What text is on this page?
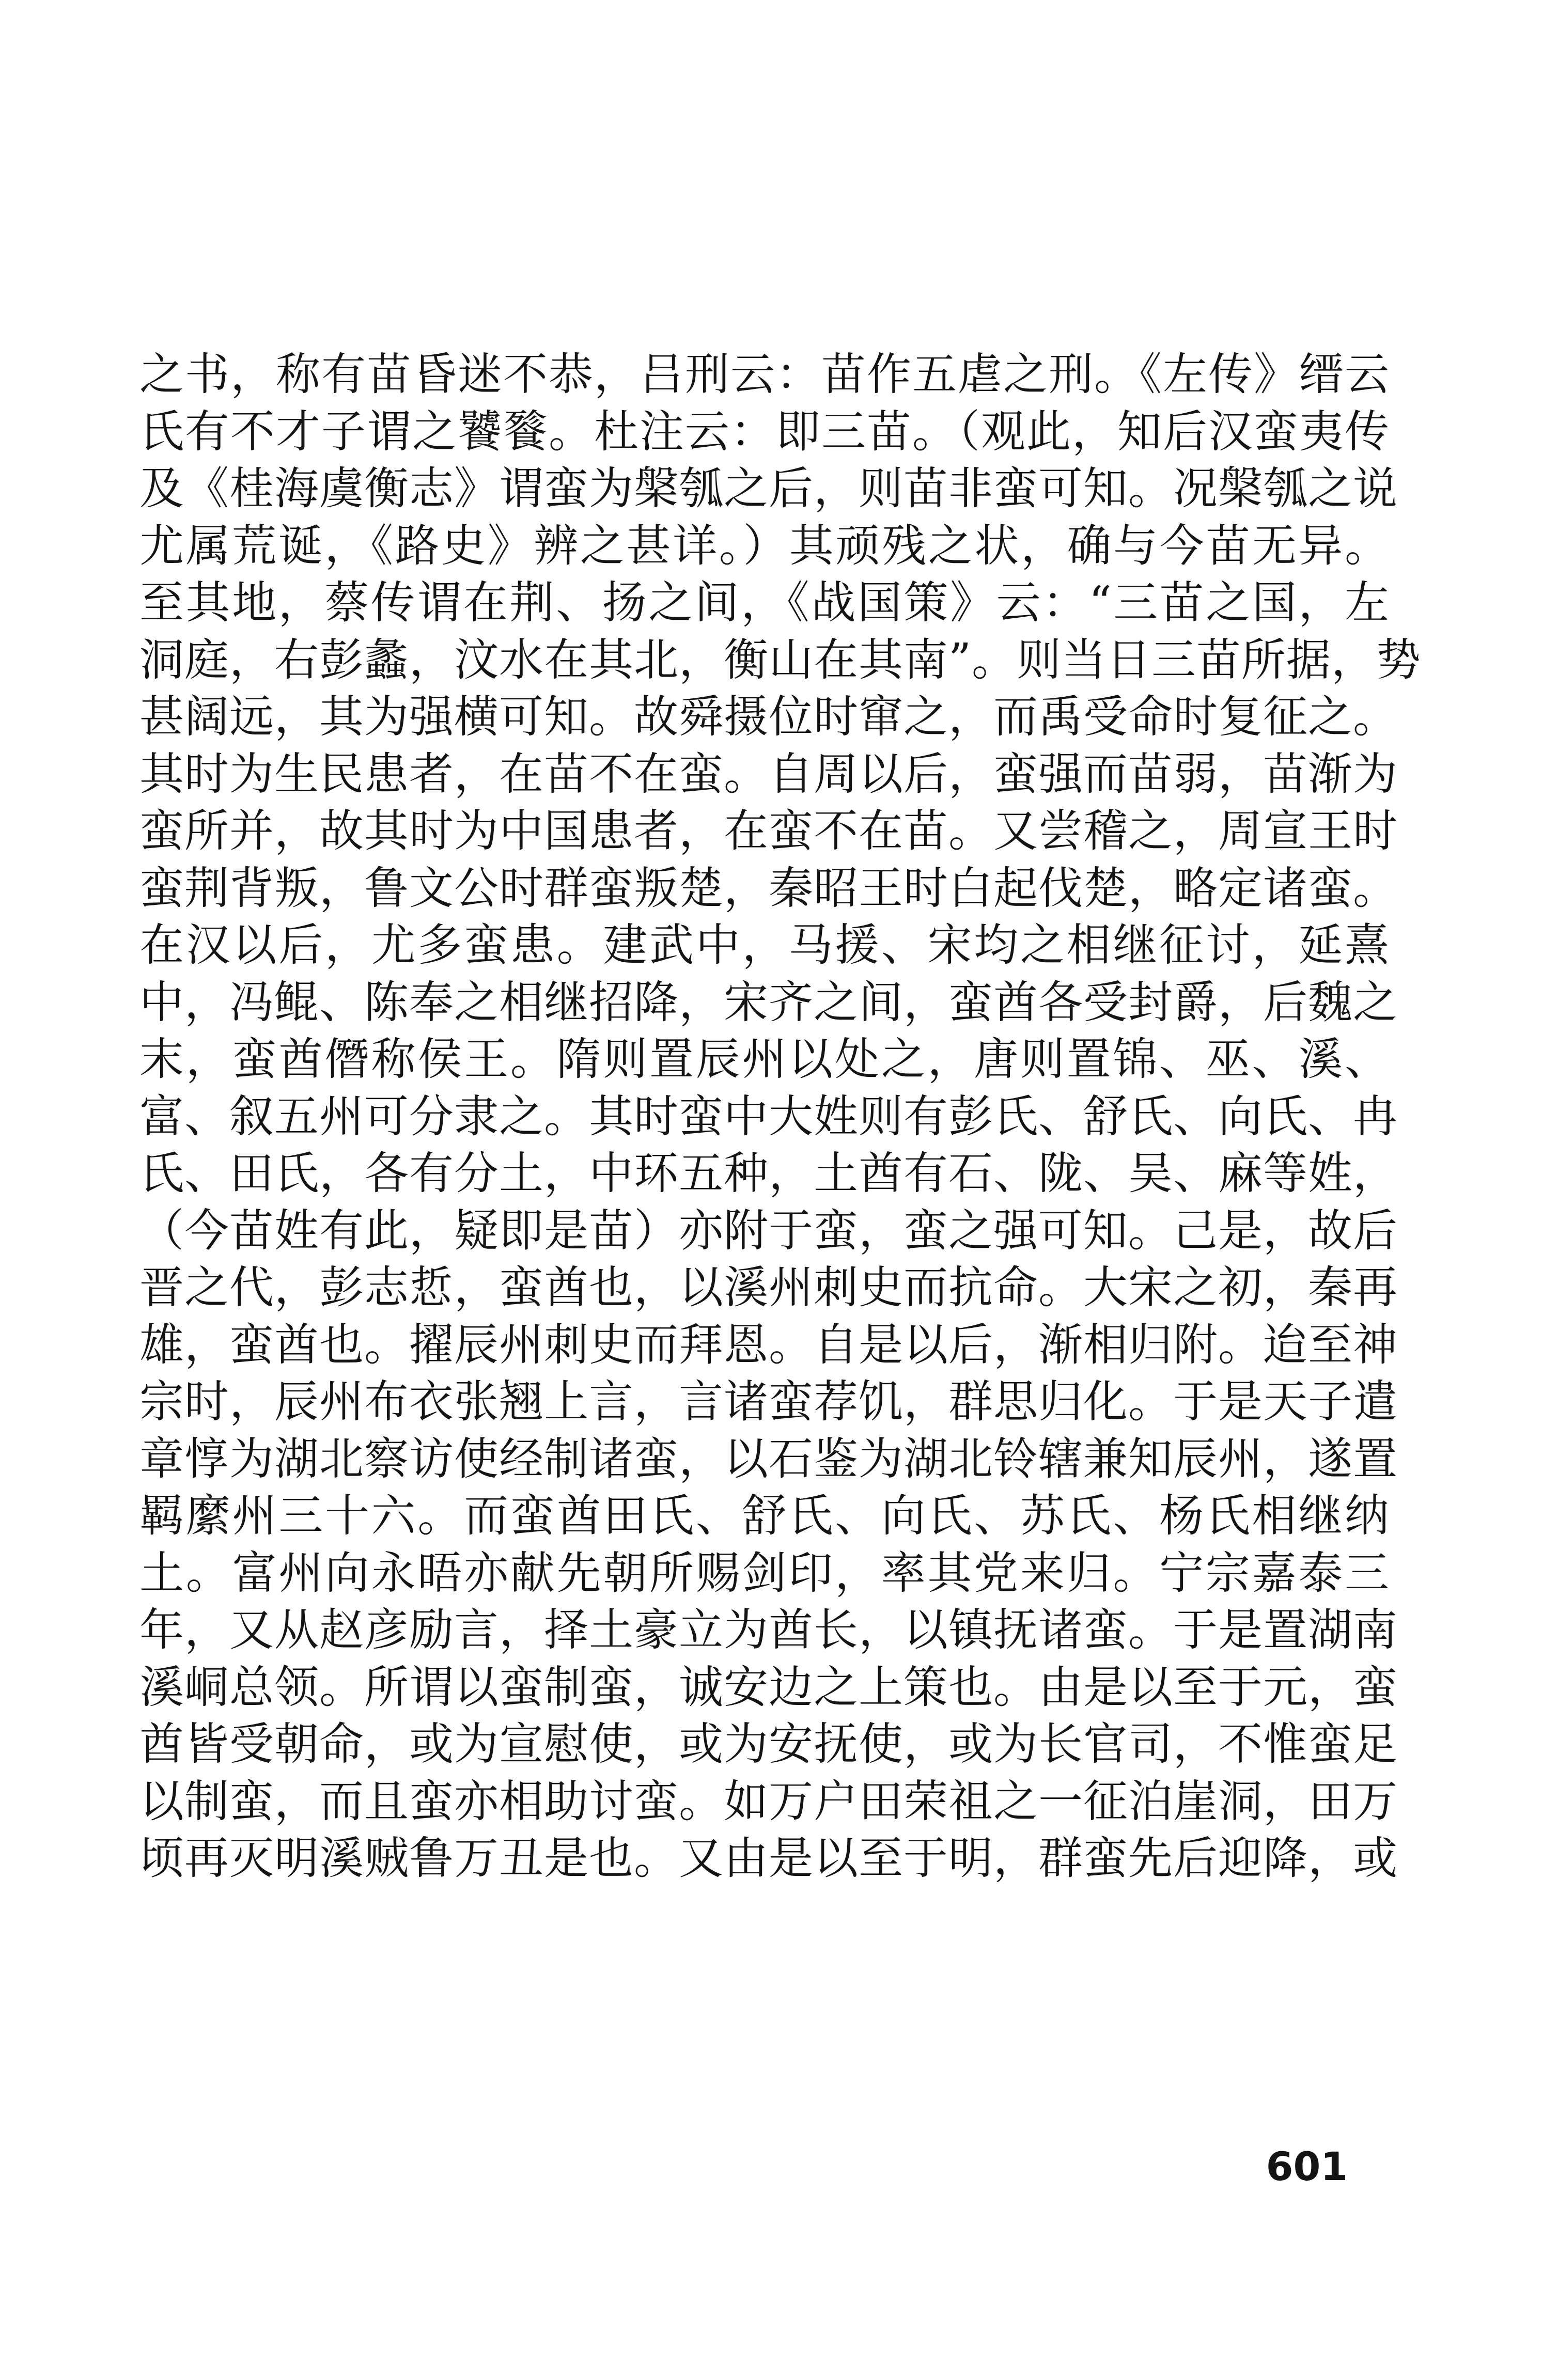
之书，称有苗昏迷不恭，吕刑云：苗作五虐之刑。《左传》缙云
氏有不才子谓之饕餮。杜注云：即三苗。（观此，知后汉蛮夷传
及《桂海虞衡志》谓蛮为槃瓠之后，则苗非蛮可知。况槃瓠之说
尤属荒诞，《路史》辨之甚详。）其顽残之状，确与今苗无异。
至其地，蔡传谓在荆、扬之间，《战国策》云：“三苗之国，左
洞庭，右彭蠡，汶水在其北，衡山在其南”。则当日三苗所据，势
甚阔远，其为强横可知。故舜摄位时窜之，而禹受命时复征之。
其时为生民患者，在苗不在蛮。自周以后，蛮强而苗弱，苗渐为
蛮所并，故其时为中国患者，在蛮不在苗。又尝稽之，周宣王时
蛮荆背叛，鲁文公时群蛮叛楚，秦昭王时白起伐楚，略定诸蛮。
在汉以后，尤多蛮患。建武中，马援、宋均之相继征讨，延熹
中，冯鲲、陈奉之相继招降，宋齐之间，蛮酋各受封爵，后魏之
末，蛮酋僭称侯王。隋则置辰州以处之，唐则置锦、巫、溪、
富、叙五州可分隶之。其时蛮中大姓则有彭氏、舒氏、向氏、冉
氏、田氏，各有分土，中环五种，土酋有石、陇、吴、麻等姓，
（今苗姓有此，疑即是苗）亦附于蛮，蛮之强可知。己是，故后
晋之代，彭志悊，蛮酋也，以溪州刺史而抗命。大宋之初，秦再
雄，蛮酋也。擢辰州刺史而拜恩。自是以后，渐相归附。迨至神
宗时，辰州布衣张翘上言，言诸蛮荐饥，群思归化。于是天子遣
章惇为湖北察访使经制诸蛮，以石鉴为湖北铃辖兼知辰州，遂置
羁縻州三十六。而蛮酋田氏、舒氏、向氏、苏氏、杨氏相继纳
土。富州向永晤亦献先朝所赐剑印，率其党来归。宁宗嘉泰三
年，又从赵彦励言，择土豪立为酋长，以镇抚诸蛮。于是置湖南
溪峒总领。所谓以蛮制蛮，诚安边之上策也。由是以至于元，蛮
酋皆受朝命，或为宣慰使，或为安抚使，或为长官司，不惟蛮足
以制蛮，而且蛮亦相助讨蛮。如万户田荣祖之一征泊崖洞，田万
顷再灭明溪贼鲁万丑是也。又由是以至于明，群蛮先后迎降，或
601
